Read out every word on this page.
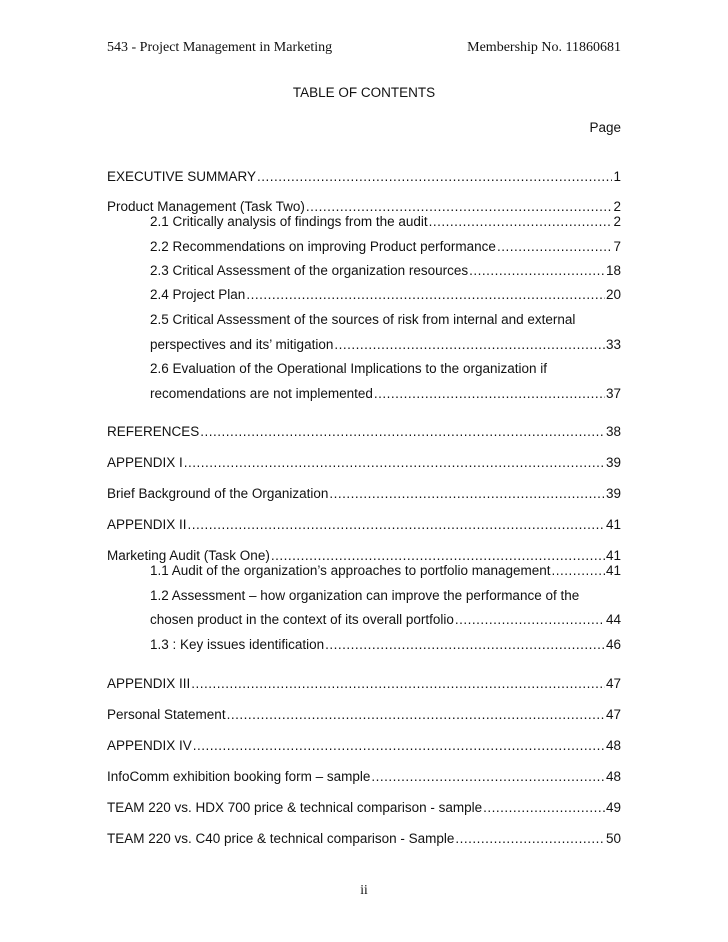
543 - Project Management in Marketing	Membership No. 11860681
TABLE OF CONTENTS
Page
EXECUTIVE SUMMARY .....	1
Product Management (Task Two) .....	2
2.1 Critically analysis of findings from the audit .....	2
2.2 Recommendations on improving Product performance .....	7
2.3 Critical Assessment of the organization resources .....	18
2.4 Project Plan .....	20
2.5 Critical Assessment of the sources of risk from internal and external
perspectives and its’ mitigation .....	33
2.6 Evaluation of the Operational Implications to the organization if
recomendations are not implemented .....	37
REFERENCES .....	38
APPENDIX I .....	39
Brief Background of the Organization .....	39
APPENDIX II .....	41
Marketing Audit (Task One) .....	41
1.1 Audit of the organization’s approaches to portfolio management .....	41
1.2 Assessment – how organization can improve the performance of the
chosen product in the context of its overall portfolio .....	44
1.3 : Key issues identification .....	46
APPENDIX III .....	47
Personal Statement .....	47
APPENDIX IV .....	48
InfoComm exhibition booking form – sample .....	48
TEAM 220 vs. HDX 700 price & technical comparison - sample .....	49
TEAM 220 vs. C40 price & technical comparison - Sample .....	50
ii
